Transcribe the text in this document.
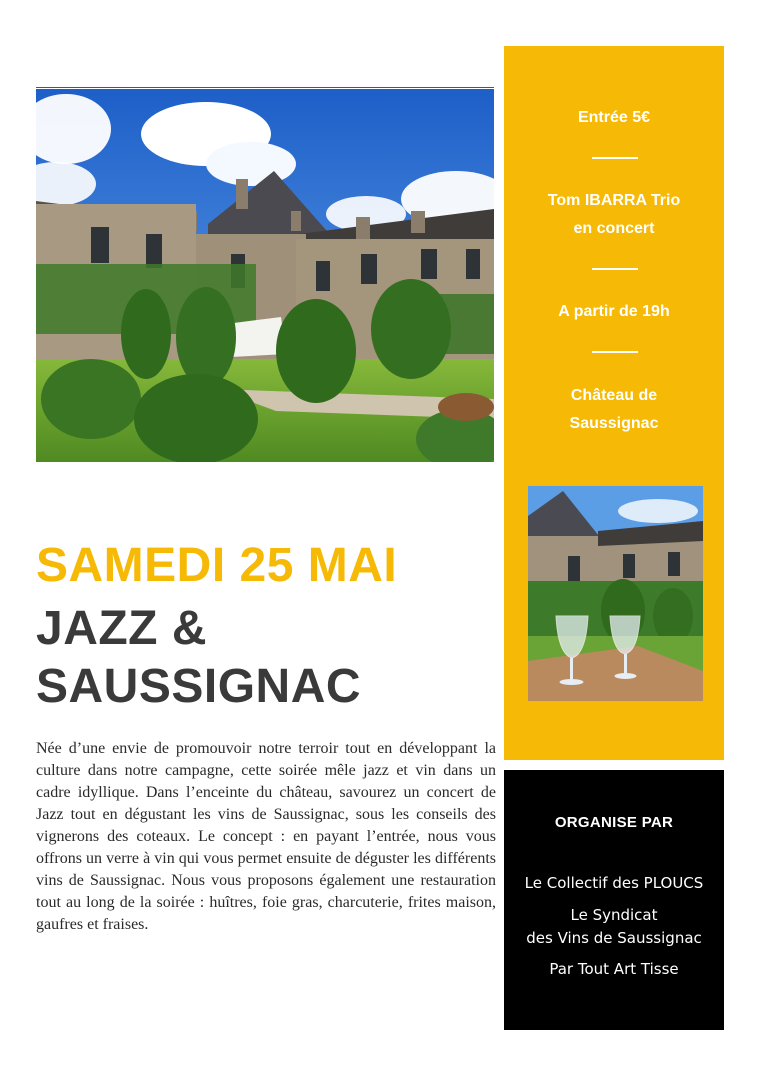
Entrée 5€
Tom IBARRA Trio
en concert
A partir de 19h
Château de
Saussignac
SAMEDI 25 MAI
JAZZ &
SAUSSIGNAC

Née d’une envie de promouvoir notre terroir tout en développant la culture dans notre campagne, cette soirée mêle jazz et vin dans un cadre idyllique. Dans l’enceinte du château, savourez un concert de Jazz tout en dégustant les vins de Saussignac, sous les conseils des vignerons des coteaux. Le concept : en payant l’entrée, nous vous offrons un verre à vin qui vous permet ensuite de déguster les différents vins de Saussignac. Nous vous proposons également une restauration tout au long de la soirée : huîtres, foie gras, charcuterie, frites maison, gaufres et fraises.

ORGANISE PAR
Le Collectif des PLOUCS
Le Syndicat
des Vins de Saussignac
Par Tout Art Tisse
